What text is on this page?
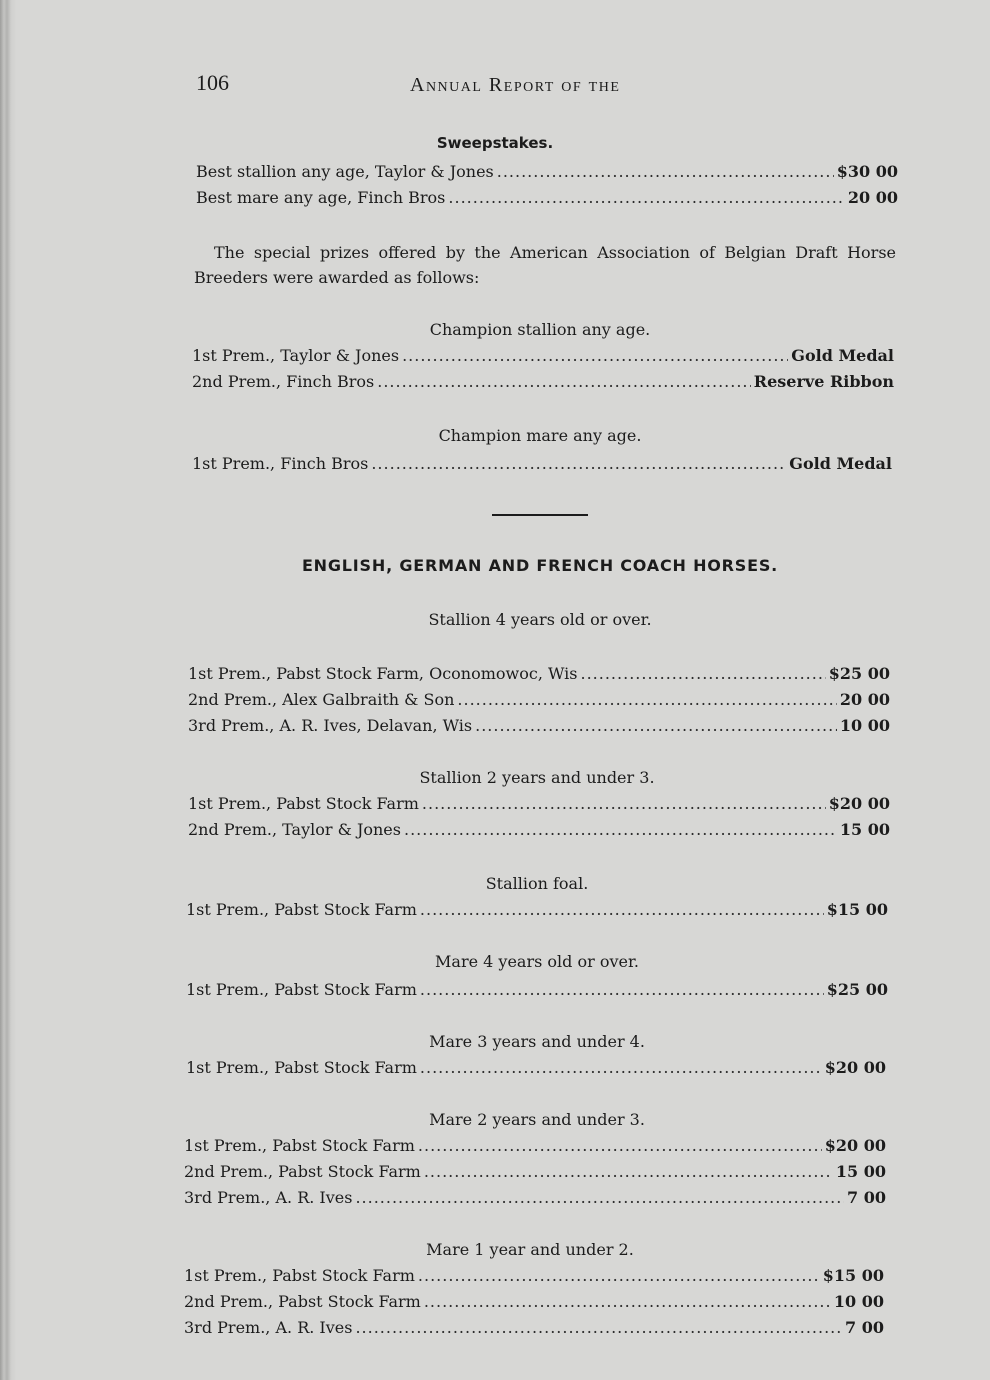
106	Annual Report of the
Sweepstakes.
Best stallion any age, Taylor & Jones .....	$30 00
Best mare any age, Finch Bros .....	20 00
The special prizes offered by the American Association of Belgian Draft Horse Breeders were awarded as follows:
Champion stallion any age.
1st Prem., Taylor & Jones .....	Gold Medal
2nd Prem., Finch Bros .....	Reserve Ribbon
Champion mare any age.
1st Prem., Finch Bros .....	Gold Medal
ENGLISH, GERMAN AND FRENCH COACH HORSES.
Stallion 4 years old or over.
1st Prem., Pabst Stock Farm, Oconomowoc, Wis .....	$25 00
2nd Prem., Alex Galbraith & Son .....	20 00
3rd Prem., A. R. Ives, Delavan, Wis .....	10 00
Stallion 2 years and under 3.
1st Prem., Pabst Stock Farm .....	$20 00
2nd Prem., Taylor & Jones .....	15 00
Stallion foal.
1st Prem., Pabst Stock Farm .....	$15 00
Mare 4 years old or over.
1st Prem., Pabst Stock Farm .....	$25 00
Mare 3 years and under 4.
1st Prem., Pabst Stock Farm .....	$20 00
Mare 2 years and under 3.
1st Prem., Pabst Stock Farm .....	$20 00
2nd Prem., Pabst Stock Farm .....	15 00
3rd Prem., A. R. Ives .....	7 00
Mare 1 year and under 2.
1st Prem., Pabst Stock Farm .....	$15 00
2nd Prem., Pabst Stock Farm .....	10 00
3rd Prem., A. R. Ives .....	7 00
